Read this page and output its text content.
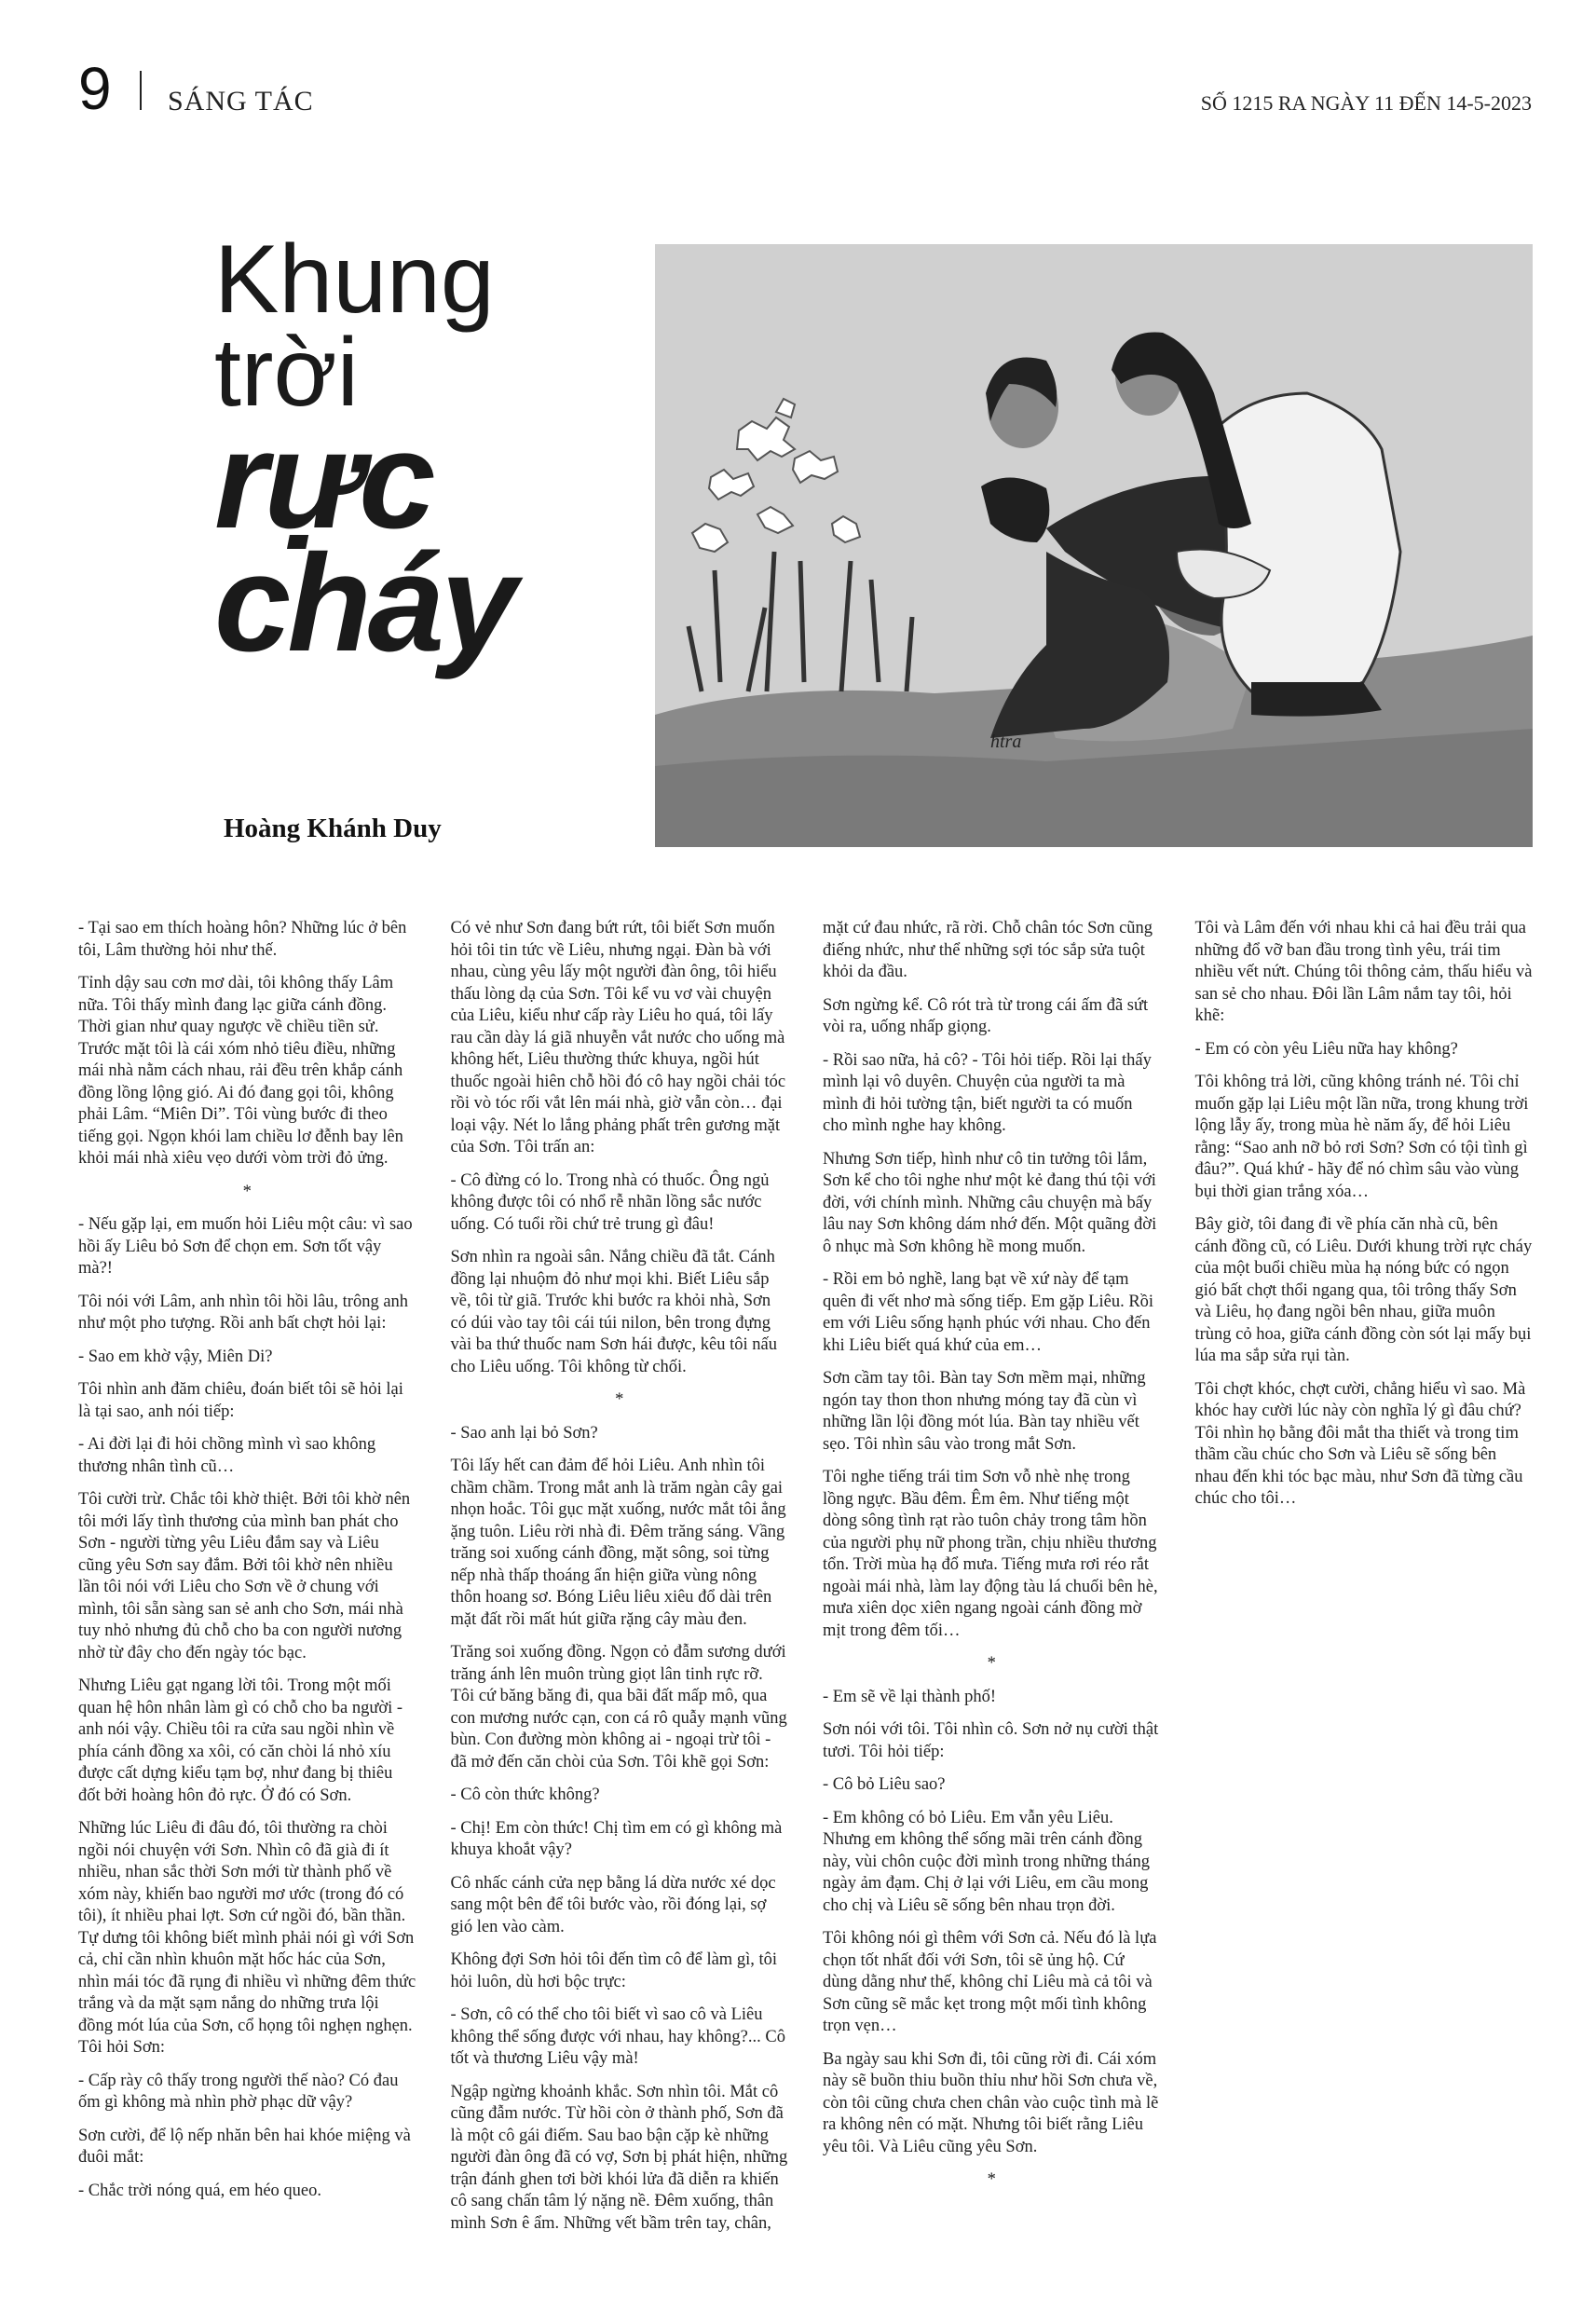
9 SÁNG TÁC	SỐ 1215 RA NGÀY 11 ĐẾN 14-5-2023
Khung
trời
rực
cháy
Hoàng Khánh Duy
htra

- Tại sao em thích hoàng hôn? Những lúc ở bên tôi, Lâm thường hỏi như thế.

Tỉnh dậy sau cơn mơ dài, tôi không thấy Lâm nữa. Tôi thấy mình đang lạc giữa cánh đồng. Thời gian như quay ngược về chiều tiền sử. Trước mặt tôi là cái xóm nhỏ tiêu điều, những mái nhà nằm cách nhau, rải đều trên khắp cánh đồng lồng lộng gió. Ai đó đang gọi tôi, không phải Lâm. “Miên Di”. Tôi vùng bước đi theo tiếng gọi. Ngọn khói lam chiều lơ đễnh bay lên khỏi mái nhà xiêu vẹo dưới vòm trời đỏ ửng.

*

- Nếu gặp lại, em muốn hỏi Liêu một câu: vì sao hồi ấy Liêu bỏ Sơn để chọn em. Sơn tốt vậy mà?!

Tôi nói với Lâm, anh nhìn tôi hồi lâu, trông anh như một pho tượng. Rồi anh bất chợt hỏi lại:

- Sao em khờ vậy, Miên Di?

Tôi nhìn anh đăm chiêu, đoán biết tôi sẽ hỏi lại là tại sao, anh nói tiếp:

- Ai đời lại đi hỏi chồng mình vì sao không thương nhân tình cũ…

Tôi cười trừ. Chắc tôi khờ thiệt. Bởi tôi khờ nên tôi mới lấy tình thương của mình ban phát cho Sơn - người từng yêu Liêu đắm say và Liêu cũng yêu Sơn say đắm. Bởi tôi khờ nên nhiều lần tôi nói với Liêu cho Sơn về ở chung với mình, tôi sẵn sàng san sẻ anh cho Sơn, mái nhà tuy nhỏ nhưng đủ chỗ cho ba con người nương nhờ từ đây cho đến ngày tóc bạc.

Nhưng Liêu gạt ngang lời tôi. Trong một mối quan hệ hôn nhân làm gì có chỗ cho ba người - anh nói vậy. Chiều tôi ra cửa sau ngồi nhìn về phía cánh đồng xa xôi, có căn chòi lá nhỏ xíu được cất dựng kiểu tạm bợ, như đang bị thiêu đốt bởi hoàng hôn đỏ rực. Ở đó có Sơn.

Những lúc Liêu đi đâu đó, tôi thường ra chòi ngồi nói chuyện với Sơn. Nhìn cô đã già đi ít nhiều, nhan sắc thời Sơn mới từ thành phố về xóm này, khiến bao người mơ ước (trong đó có tôi), ít nhiều phai lợt. Sơn cứ ngồi đó, bần thần. Tự dưng tôi không biết mình phải nói gì với Sơn cả, chỉ cần nhìn khuôn mặt hốc hác của Sơn, nhìn mái tóc đã rụng đi nhiều vì những đêm thức trắng và da mặt sạm nắng do những trưa lội đồng mót lúa của Sơn, cổ họng tôi nghẹn nghẹn. Tôi hỏi Sơn:

- Cấp rày cô thấy trong người thế nào? Có đau ốm gì không mà nhìn phờ phạc dữ vậy?

Sơn cười, để lộ nếp nhăn bên hai khóe miệng và đuôi mắt:

- Chắc trời nóng quá, em héo queo.

Có vẻ như Sơn đang bứt rứt, tôi biết Sơn muốn hỏi tôi tin tức về Liêu, nhưng ngại. Đàn bà với nhau, cùng yêu lấy một người đàn ông, tôi hiểu thấu lòng dạ của Sơn. Tôi kể vu vơ vài chuyện của Liêu, kiểu như cấp rày Liêu ho quá, tôi lấy rau cần dày lá giã nhuyễn vắt nước cho uống mà không hết, Liêu thường thức khuya, ngồi hút thuốc ngoài hiên chỗ hồi đó cô hay ngồi chải tóc rồi vò tóc rối vắt lên mái nhà, giờ vẫn còn… đại loại vậy. Nét lo lắng phảng phất trên gương mặt của Sơn. Tôi trấn an:

- Cô đừng có lo. Trong nhà có thuốc. Ông ngủ không được tôi có nhổ rễ nhãn lồng sắc nước uống. Có tuổi rồi chứ trẻ trung gì đâu!

Sơn nhìn ra ngoài sân. Nắng chiều đã tắt. Cánh đồng lại nhuộm đỏ như mọi khi. Biết Liêu sắp về, tôi từ giã. Trước khi bước ra khỏi nhà, Sơn có dúi vào tay tôi cái túi nilon, bên trong đựng vài ba thứ thuốc nam Sơn hái được, kêu tôi nấu cho Liêu uống. Tôi không từ chối.

*

- Sao anh lại bỏ Sơn?

Tôi lấy hết can đảm để hỏi Liêu. Anh nhìn tôi chầm chầm. Trong mắt anh là trăm ngàn cây gai nhọn hoắc. Tôi gục mặt xuống, nước mắt tôi ẳng ặng tuôn. Liêu rời nhà đi. Đêm trăng sáng. Vầng trăng soi xuống cánh đồng, mặt sông, soi từng nếp nhà thấp thoáng ẩn hiện giữa vùng nông thôn hoang sơ. Bóng Liêu liêu xiêu đổ dài trên mặt đất rồi mất hút giữa rặng cây màu đen.

Trăng soi xuống đồng. Ngọn cỏ đẫm sương dưới trăng ánh lên muôn trùng giọt lân tinh rực rỡ. Tôi cứ băng băng đi, qua bãi đất mấp mô, qua con mương nước cạn, con cá rô quẫy mạnh vũng bùn. Con đường mòn không ai - ngoại trừ tôi - đã mở đến căn chòi của Sơn. Tôi khẽ gọi Sơn:

- Cô còn thức không?

- Chị! Em còn thức! Chị tìm em có gì không mà khuya khoắt vậy?

Cô nhấc cánh cửa nẹp bằng lá dừa nước xé dọc sang một bên để tôi bước vào, rồi đóng lại, sợ gió len vào càm.

Không đợi Sơn hỏi tôi đến tìm cô để làm gì, tôi hỏi luôn, dù hơi bộc trực:

- Sơn, cô có thể cho tôi biết vì sao cô và Liêu không thể sống được với nhau, hay không?... Cô tốt và thương Liêu vậy mà!

Ngập ngừng khoảnh khắc. Sơn nhìn tôi. Mắt cô cũng đẫm nước. Từ hồi còn ở thành phố, Sơn đã là một cô gái điếm. Sau bao bận cặp kè những người đàn ông đã có vợ, Sơn bị phát hiện, những trận đánh ghen tơi bời khói lửa đã diễn ra khiến cô sang chấn tâm lý nặng nề. Đêm xuống, thân mình Sơn ê ẩm. Những vết bầm trên tay, chân, mặt cứ đau nhức, rã rời. Chỗ chân tóc Sơn cũng điếng nhức, như thể những sợi tóc sắp sửa tuột khỏi da đầu.

Sơn ngừng kể. Cô rót trà từ trong cái ấm đã sứt vòi ra, uống nhấp giọng.

- Rồi sao nữa, hả cô? - Tôi hỏi tiếp. Rồi lại thấy mình lại vô duyên. Chuyện của người ta mà mình đi hỏi tường tận, biết người ta có muốn cho mình nghe hay không.

Nhưng Sơn tiếp, hình như cô tin tưởng tôi lắm, Sơn kể cho tôi nghe như một kẻ đang thú tội với đời, với chính mình. Những câu chuyện mà bấy lâu nay Sơn không dám nhớ đến. Một quãng đời ô nhục mà Sơn không hề mong muốn.

- Rồi em bỏ nghề, lang bạt về xứ này để tạm quên đi vết nhơ mà sống tiếp. Em gặp Liêu. Rồi em với Liêu sống hạnh phúc với nhau. Cho đến khi Liêu biết quá khứ của em…

Sơn cầm tay tôi. Bàn tay Sơn mềm mại, những ngón tay thon thon nhưng móng tay đã cùn vì những lần lội đồng mót lúa. Bàn tay nhiều vết sẹo. Tôi nhìn sâu vào trong mắt Sơn.

Tôi nghe tiếng trái tim Sơn vỗ nhè nhẹ trong lồng ngực. Bầu đêm. Êm êm. Như tiếng một dòng sông tình rạt rào tuôn chảy trong tâm hồn của người phụ nữ phong trần, chịu nhiều thương tổn. Trời mùa hạ đổ mưa. Tiếng mưa rơi réo rắt ngoài mái nhà, làm lay động tàu lá chuối bên hè, mưa xiên dọc xiên ngang ngoài cánh đồng mờ mịt trong đêm tối…

*

- Em sẽ về lại thành phố!

Sơn nói với tôi. Tôi nhìn cô. Sơn nở nụ cười thật tươi. Tôi hỏi tiếp:

- Cô bỏ Liêu sao?

- Em không có bỏ Liêu. Em vẫn yêu Liêu. Nhưng em không thể sống mãi trên cánh đồng này, vùi chôn cuộc đời mình trong những tháng ngày ảm đạm. Chị ở lại với Liêu, em cầu mong cho chị và Liêu sẽ sống bên nhau trọn đời.

Tôi không nói gì thêm với Sơn cả. Nếu đó là lựa chọn tốt nhất đối với Sơn, tôi sẽ ủng hộ. Cứ dùng dằng như thế, không chỉ Liêu mà cả tôi và Sơn cũng sẽ mắc kẹt trong một mối tình không trọn vẹn…

Ba ngày sau khi Sơn đi, tôi cũng rời đi. Cái xóm này sẽ buồn thiu buồn thỉu như hồi Sơn chưa về, còn tôi cũng chưa chen chân vào cuộc tình mà lẽ ra không nên có mặt. Nhưng tôi biết rằng Liêu yêu tôi. Và Liêu cũng yêu Sơn.

*

Tôi và Lâm đến với nhau khi cả hai đều trải qua những đổ vỡ ban đầu trong tình yêu, trái tim nhiều vết nứt. Chúng tôi thông cảm, thấu hiểu và san sẻ cho nhau. Đôi lần Lâm nắm tay tôi, hỏi khẽ:

- Em có còn yêu Liêu nữa hay không?

Tôi không trả lời, cũng không tránh né. Tôi chỉ muốn gặp lại Liêu một lần nữa, trong khung trời lộng lẫy ấy, trong mùa hè năm ấy, để hỏi Liêu rằng: “Sao anh nỡ bỏ rơi Sơn? Sơn có tội tình gì đâu?”. Quá khứ - hãy để nó chìm sâu vào vùng bụi thời gian trắng xóa…

Bây giờ, tôi đang đi về phía căn nhà cũ, bên cánh đồng cũ, có Liêu. Dưới khung trời rực cháy của một buổi chiều mùa hạ nóng bức có ngọn gió bất chợt thổi ngang qua, tôi trông thấy Sơn và Liêu, họ đang ngồi bên nhau, giữa muôn trùng cỏ hoa, giữa cánh đồng còn sót lại mấy bụi lúa ma sắp sửa rụi tàn.

Tôi chợt khóc, chợt cười, chẳng hiểu vì sao. Mà khóc hay cười lúc này còn nghĩa lý gì đâu chứ? Tôi nhìn họ bằng đôi mắt tha thiết và trong tim thầm cầu chúc cho Sơn và Liêu sẽ sống bên nhau đến khi tóc bạc màu, như Sơn đã từng cầu chúc cho tôi…
